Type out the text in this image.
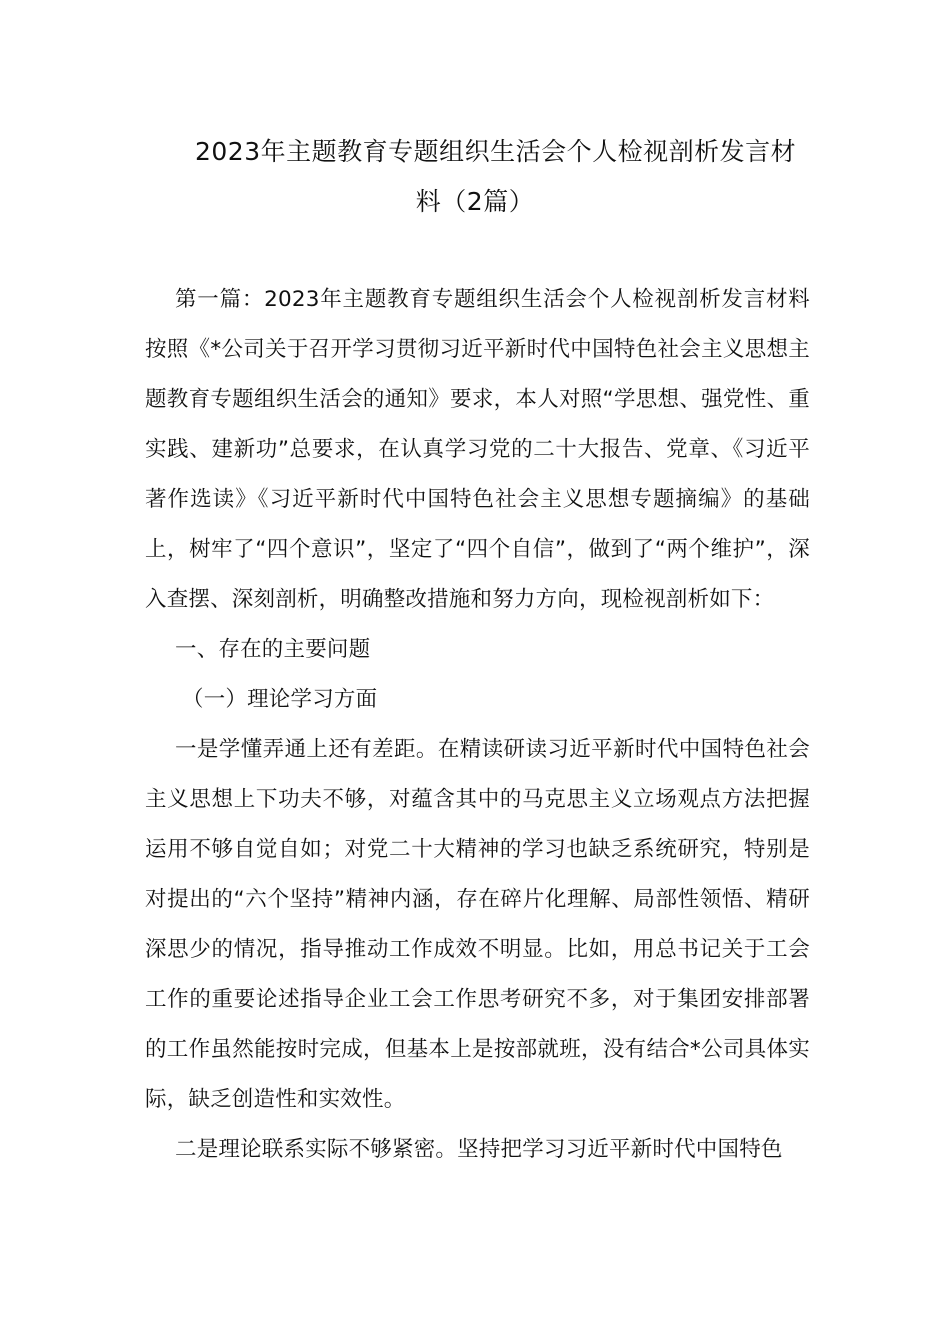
2023年主题教育专题组织生活会个人检视剖析发言材
料（2篇）

第一篇：2023年主题教育专题组织生活会个人检视剖析发言材料　 按照《*公司关于召开学习贯彻习近平新时代中国特色社会主义思想主题教育专题组织生活会的通知》要求，本人对照“学思想、强党性、重实践、建新功”总要求，在认真学习党的二十大报告、党章、《习近平著作选读》《习近平新时代中国特色社会主义思想专题摘编》的基础上，树牢了“四个意识”，坚定了“四个自信”，做到了“两个维护”，深入查摆、深刻剖析，明确整改措施和努力方向，现检视剖析如下：

一、存在的主要问题

（一）理论学习方面

一是学懂弄通上还有差距。在精读研读习近平新时代中国特色社会主义思想上下功夫不够，对蕴含其中的马克思主义立场观点方法把握运用不够自觉自如；对党二十大精神的学习也缺乏系统研究，特别是对提出的“六个坚持”精神内涵，存在碎片化理解、局部性领悟、精研深思少的情况，指导推动工作成效不明显。比如，用总书记关于工会工作的重要论述指导企业工会工作思考研究不多，对于集团安排部署的工作虽然能按时完成，但基本上是按部就班，没有结合*公司具体实际，缺乏创造性和实效性。

二是理论联系实际不够紧密。坚持把学习习近平新时代中国特色
